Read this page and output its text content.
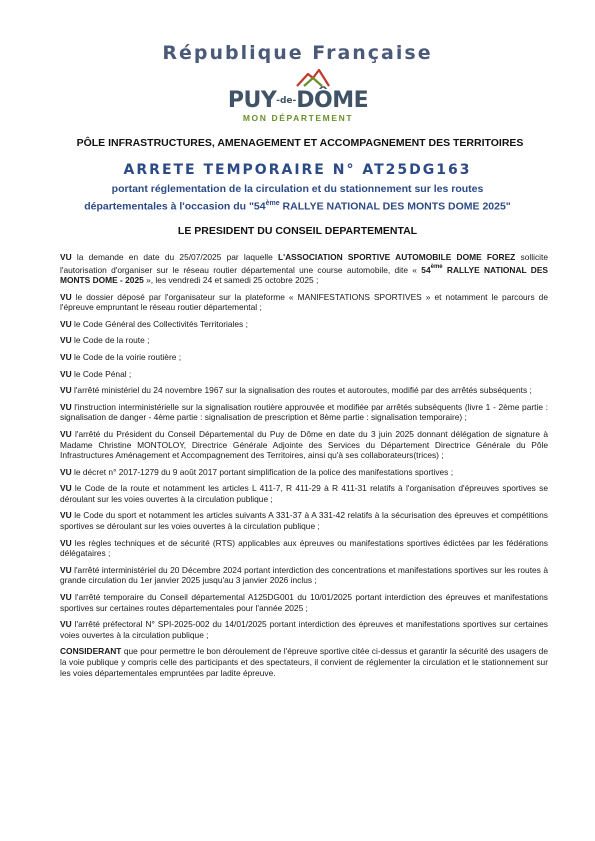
République Française
PUY-de-DÔME
MON DÉPARTEMENT
PÔLE INFRASTRUCTURES, AMENAGEMENT ET ACCOMPAGNEMENT DES TERRITOIRES
ARRETE TEMPORAIRE N° AT25DG163
portant réglementation de la circulation et du stationnement sur les routes
départementales à l'occasion du "54ème RALLYE NATIONAL DES MONTS DOME 2025"
LE PRESIDENT DU CONSEIL DEPARTEMENTAL

VU la demande en date du 25/07/2025 par laquelle L'ASSOCIATION SPORTIVE AUTOMOBILE DOME FOREZ sollicite l'autorisation d'organiser sur le réseau routier départemental une course automobile, dite « 54ème RALLYE NATIONAL DES MONTS DOME - 2025 », les vendredi 24 et samedi 25 octobre 2025 ;

VU le dossier déposé par l'organisateur sur la plateforme « MANIFESTATIONS SPORTIVES » et notamment le parcours de l'épreuve empruntant le réseau routier départemental ;

VU le Code Général des Collectivités Territoriales ;

VU le Code de la route ;

VU le Code de la voirie routière ;

VU le Code Pénal ;

VU l'arrêté ministériel du 24 novembre 1967 sur la signalisation des routes et autoroutes, modifié par des arrêtés subséquents ;

VU l'instruction interministérielle sur la signalisation routière approuvée et modifiée par arrêtés subséquents (livre 1 - 2ème partie : signalisation de danger - 4ème partie : signalisation de prescription et 8ème partie : signalisation temporaire) ;

VU l'arrêté du Président du Conseil Départemental du Puy de Dôme en date du 3 juin 2025 donnant délégation de signature à Madame Christine MONTOLOY, Directrice Générale Adjointe des Services du Département Directrice Générale du Pôle Infrastructures Aménagement et Accompagnement des Territoires, ainsi qu'à ses collaborateurs(trices) ;

VU le décret n° 2017-1279 du 9 août 2017 portant simplification de la police des manifestations sportives ;

VU le Code de la route et notamment les articles L 411-7, R 411-29 à R 411-31 relatifs à l'organisation d'épreuves sportives se déroulant sur les voies ouvertes à la circulation publique ;

VU le Code du sport et notamment les articles suivants A 331-37 à A 331-42 relatifs à la sécurisation des épreuves et compétitions sportives se déroulant sur les voies ouvertes à la circulation publique ;

VU les règles techniques et de sécurité (RTS) applicables aux épreuves ou manifestations sportives édictées par les fédérations délégataires ;

VU l'arrêté interministériel du 20 Décembre 2024 portant interdiction des concentrations et manifestations sportives sur les routes à grande circulation du 1er janvier 2025 jusqu'au 3 janvier 2026 inclus ;

VU l'arrêté temporaire du Conseil départemental A125DG001 du 10/01/2025 portant interdiction des épreuves et manifestations sportives sur certaines routes départementales pour l'année 2025 ;

VU l'arrêté préfectoral N° SPI-2025-002 du 14/01/2025 portant interdiction des épreuves et manifestations sportives sur certaines voies ouvertes à la circulation publique ;

CONSIDERANT que pour permettre le bon déroulement de l'épreuve sportive citée ci-dessus et garantir la sécurité des usagers de la voie publique y compris celle des participants et des spectateurs, il convient de réglementer la circulation et le stationnement sur les voies départementales empruntées par ladite épreuve.
